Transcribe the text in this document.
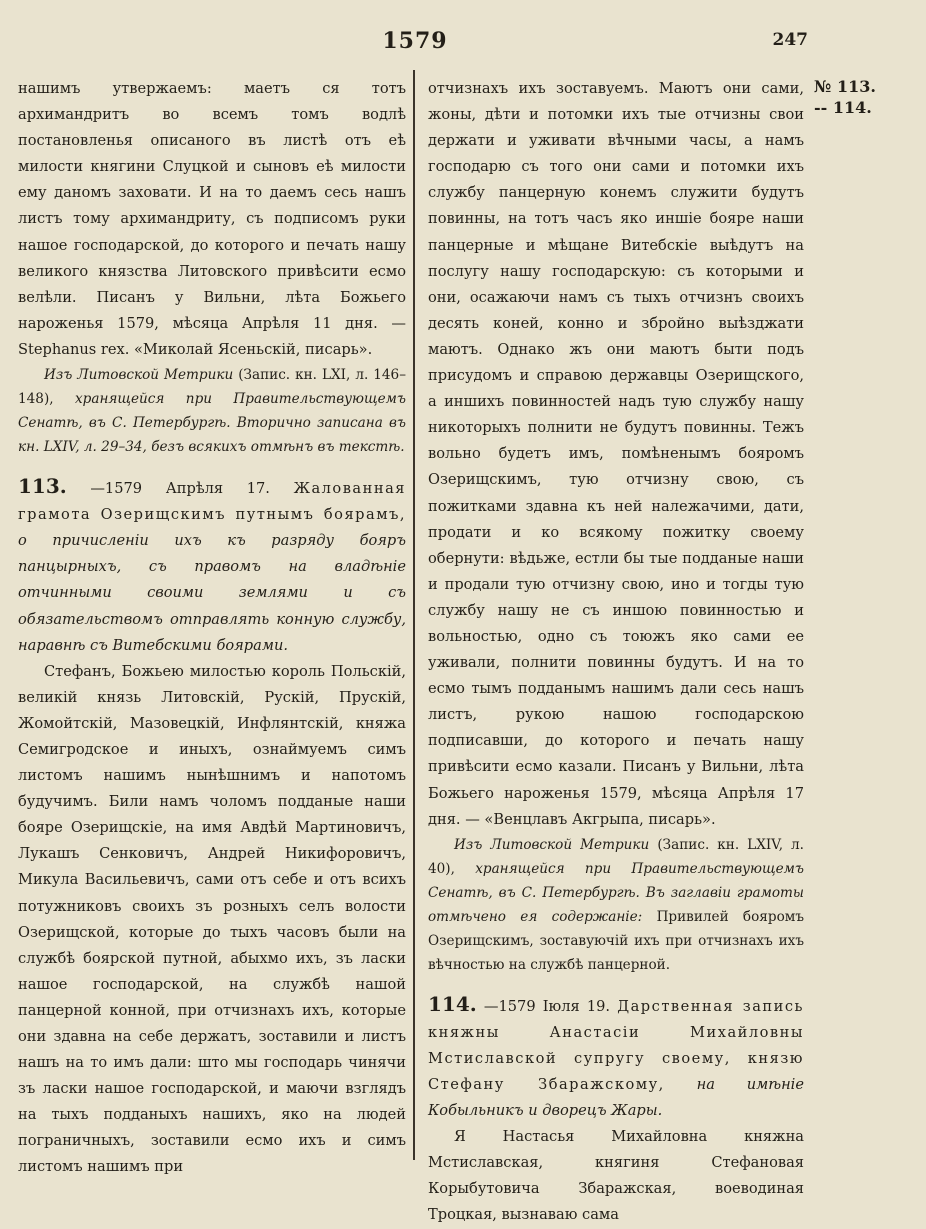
1579	247
№ 113.
-- 114.

нашимъ утвержаемъ: маетъ ся тотъ архимандритъ во всемъ томъ водлѣ постановленья описаного въ листѣ отъ еѣ милости княгини Слуцкой и сыновъ еѣ милости ему даномъ заховати. И на то даемъ сесь нашъ листъ тому архимандриту, съ подписомъ руки нашое господарской, до которого и печать нашу великого князства Литовского привѣсити есмо велѣли. Писанъ у Вильни, лѣта Божьего нароженья 1579, мѣсяца Апрѣля 11 дня. —Stephanus rex. «Миколай Ясеньскій, писарь».

Изъ Литовской Метрики (Запис. кн. LXI, л. 146–148), хранящейся при Правительствующемъ Сенатѣ, въ С. Петербургѣ. Вторично записана въ кн. LXIV, л. 29–34, безъ всякихъ отмѣнъ въ текстѣ.

113. —1579 Апрѣля 17. Жалованная грамота Озерищскимъ путнымъ боярамъ, о причисленіи ихъ къ разряду бояръ панцырныхъ, съ правомъ на владѣніе отчинными своими землями и съ обязательствомъ отправлять конную службу, наравнѣ съ Витебскими боярами.

Стефанъ, Божьею милостью король Польскій, великій князь Литовскій, Рускій, Прускій, Жомойтскій, Мазовецкій, Инфлянтскій, княжа Семигродское и иныхъ, ознаймуемъ симъ листомъ нашимъ нынѣшнимъ и напотомъ будучимъ. Били намъ чоломъ подданые наши бояре Озерищскіе, на имя Авдѣй Мартиновичъ, Лукашъ Сенковичъ, Андрей Никифоровичъ, Микула Васильевичъ, сами отъ себе и отъ всихъ потужниковъ своихъ зъ розныхъ селъ волости Озерищской, которые до тыхъ часовъ были на службѣ боярской путной, абыхмо ихъ, зъ ласки нашое господарской, на службѣ нашой панцерной конной, при отчизнахъ ихъ, которые они здавна на себе держатъ, зоставили и листъ нашъ на то имъ дали: што мы господарь чинячи зъ ласки нашое господарской, и маючи взглядъ на тыхъ подданыхъ нашихъ, яко на людей пограничныхъ, зоставили есмо ихъ и симъ листомъ нашимъ при

отчизнахъ ихъ зоставуемъ. Маютъ они сами, жоны, дѣти и потомки ихъ тые отчизны свои держати и уживати вѣчными часы, а намъ господарю съ того они сами и потомки ихъ службу панцерную конемъ служити будутъ повинны, на тотъ часъ яко иншіе бояре наши панцерные и мѣщане Витебскіе выѣдутъ на послугу нашу господарскую: съ которыми и они, осажаючи намъ съ тыхъ отчизнъ своихъ десять коней, конно и збройно выѣзджати маютъ. Однако жъ они маютъ быти подъ присудомъ и справою державцы Озерищского, а иншихъ повинностей надъ тую службу нашу никоторыхъ полнити не будутъ повинны. Тежъ вольно будетъ имъ, помѣненымъ бояромъ Озерищскимъ, тую отчизну свою, съ пожитками здавна къ ней належачими, дати, продати и ко всякому пожитку своему обернути: вѣдьже, естли бы тые подданые наши и продали тую отчизну свою, ино и тогды тую службу нашу не съ иншою повинностью и вольностью, одно съ тоюжъ яко сами ее уживали, полнити повинны будутъ. И на то есмо тымъ подданымъ нашимъ дали сесь нашъ листъ, рукою нашою господарскою подписавши, до которого и печать нашу привѣсити есмо казали. Писанъ у Вильни, лѣта Божьего нароженья 1579, мѣсяца Апрѣля 17 дня. — «Венцлавъ Акгрыпа, писарь».

Изъ Литовской Метрики (Запис. кн. LXIV, л. 40), хранящейся при Правительствующемъ Сенатѣ, въ С. Петербургѣ. Въ заглавіи грамоты отмѣчено ея содержаніе: Привилей бояромъ Озерищскимъ, зоставуючій ихъ при отчизнахъ ихъ вѣчностью на службѣ панцерной.

114. —1579 Іюля 19. Дарственная запись княжны Анастасіи Михайловны Мстиславской супругу своему, князю Стефану Збаражскому, на имѣніе Кобыльникъ и дворецъ Жары.

Я Настасья Михайловна княжна Мстиславская, княгиня Стефановая Корыбутовича Збаражская, воеводиная Троцкая, вызнаваю сама
